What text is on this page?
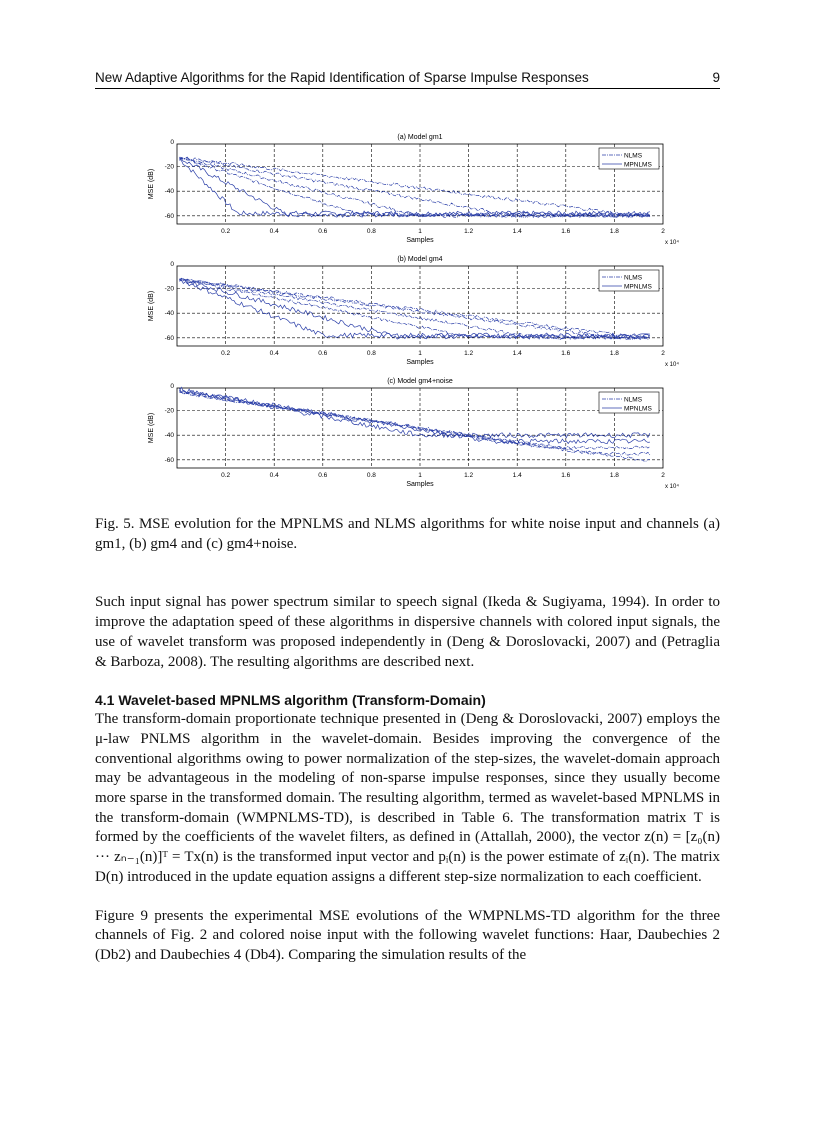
New Adaptive Algorithms for the Rapid Identification of Sparse Impulse Responses	9
(a) Model gm1
0.2	0.4	0.6	0.8	1	1.2	1.4	1.6	1.8	2
0
-20
-40
-60
Samples	x 10⁴
MSE (dB)
NLMS
MPNLMS
(b) Model gm4
0.2	0.4	0.6	0.8	1	1.2	1.4	1.6	1.8	2
0
-20
-40
-60
Samples	x 10⁴
MSE (dB)
NLMS
MPNLMS
(c) Model gm4+noise
0.2	0.4	0.6	0.8	1	1.2	1.4	1.6	1.8	2
0
-20
-40
-60
Samples	x 10⁴
MSE (dB)
NLMS
MPNLMS
Fig. 5. MSE evolution for the MPNLMS and NLMS algorithms for white noise input and channels (a) gm1, (b) gm4 and (c) gm4+noise.

Such input signal has power spectrum similar to speech signal (Ikeda & Sugiyama, 1994). In order to improve the adaptation speed of these algorithms in dispersive channels with colored input signals, the use of wavelet transform was proposed independently in (Deng & Doroslovacki, 2007) and (Petraglia & Barboza, 2008). The resulting algorithms are described next.

4.1 Wavelet-based MPNLMS algorithm (Transform-Domain)

The transform-domain proportionate technique presented in (Deng & Doroslovacki, 2007) employs the μ-law PNLMS algorithm in the wavelet-domain. Besides improving the convergence of the conventional algorithms owing to power normalization of the step-sizes, the wavelet-domain approach may be advantageous in the modeling of non-sparse impulse responses, since they usually become more sparse in the transformed domain. The resulting algorithm, termed as wavelet-based MPNLMS in the transform-domain (WMPNLMS-TD), is described in Table 6. The transformation matrix T is formed by the coefficients of the wavelet filters, as defined in (Attallah, 2000), the vector z(n) = [z₀(n) ··· zₙ₋₁(n)]ᵀ = Tx(n) is the transformed input vector and pᵢ(n) is the power estimate of zᵢ(n). The matrix D(n) introduced in the update equation assigns a different step-size normalization to each coefficient.

Figure 9 presents the experimental MSE evolutions of the WMPNLMS-TD algorithm for the three channels of Fig. 2 and colored noise input with the following wavelet functions: Haar, Daubechies 2 (Db2) and Daubechies 4 (Db4). Comparing the simulation results of the
